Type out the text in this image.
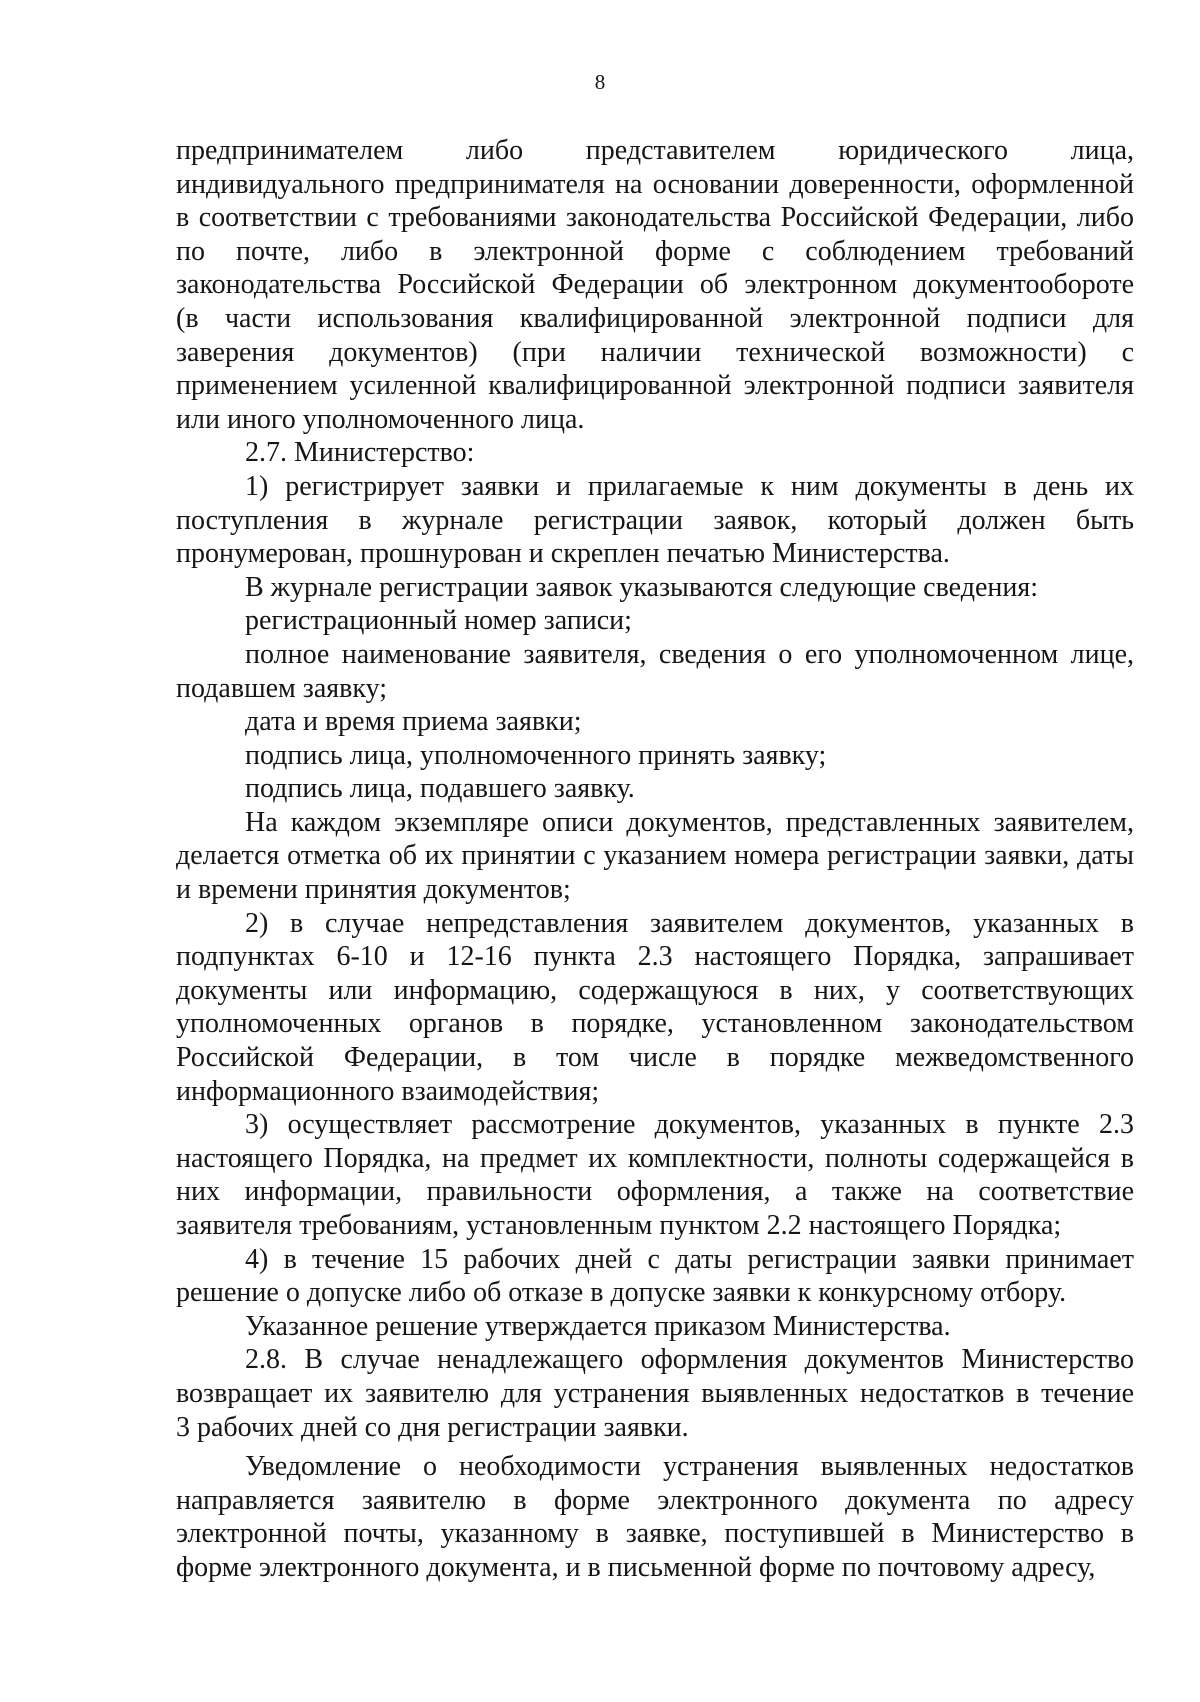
8

предпринимателем либо представителем юридического лица,
индивидуального предпринимателя на основании доверенности, оформленной
в соответствии с требованиями законодательства Российской Федерации, либо
по почте, либо в электронной форме с соблюдением требований
законодательства Российской Федерации об электронном документообороте
(в части использования квалифицированной электронной подписи для
заверения документов) (при наличии технической возможности) с
применением усиленной квалифицированной электронной подписи заявителя
или иного уполномоченного лица.

2.7. Министерство:

1) регистрирует заявки и прилагаемые к ним документы в день их
поступления в журнале регистрации заявок, который должен быть
пронумерован, прошнурован и скреплен печатью Министерства.

В журнале регистрации заявок указываются следующие сведения:

регистрационный номер записи;

полное наименование заявителя, сведения о его уполномоченном лице,
подавшем заявку;

дата и время приема заявки;

подпись лица, уполномоченного принять заявку;

подпись лица, подавшего заявку.

На каждом экземпляре описи документов, представленных заявителем,
делается отметка об их принятии с указанием номера регистрации заявки, даты
и времени принятия документов;

2) в случае непредставления заявителем документов, указанных в
подпунктах 6-10 и 12-16 пункта 2.3 настоящего Порядка, запрашивает
документы или информацию, содержащуюся в них, у соответствующих
уполномоченных органов в порядке, установленном законодательством
Российской Федерации, в том числе в порядке межведомственного
информационного взаимодействия;

3) осуществляет рассмотрение документов, указанных в пункте 2.3
настоящего Порядка, на предмет их комплектности, полноты содержащейся в
них информации, правильности оформления, а также на соответствие
заявителя требованиям, установленным пунктом 2.2 настоящего Порядка;

4) в течение 15 рабочих дней с даты регистрации заявки принимает
решение о допуске либо об отказе в допуске заявки к конкурсному отбору.

Указанное решение утверждается приказом Министерства.

2.8. В случае ненадлежащего оформления документов Министерство
возвращает их заявителю для устранения выявленных недостатков в течение
3 рабочих дней со дня регистрации заявки.

Уведомление о необходимости устранения выявленных недостатков
направляется заявителю в форме электронного документа по адресу
электронной почты, указанному в заявке, поступившей в Министерство в
форме электронного документа, и в письменной форме по почтовому адресу,
